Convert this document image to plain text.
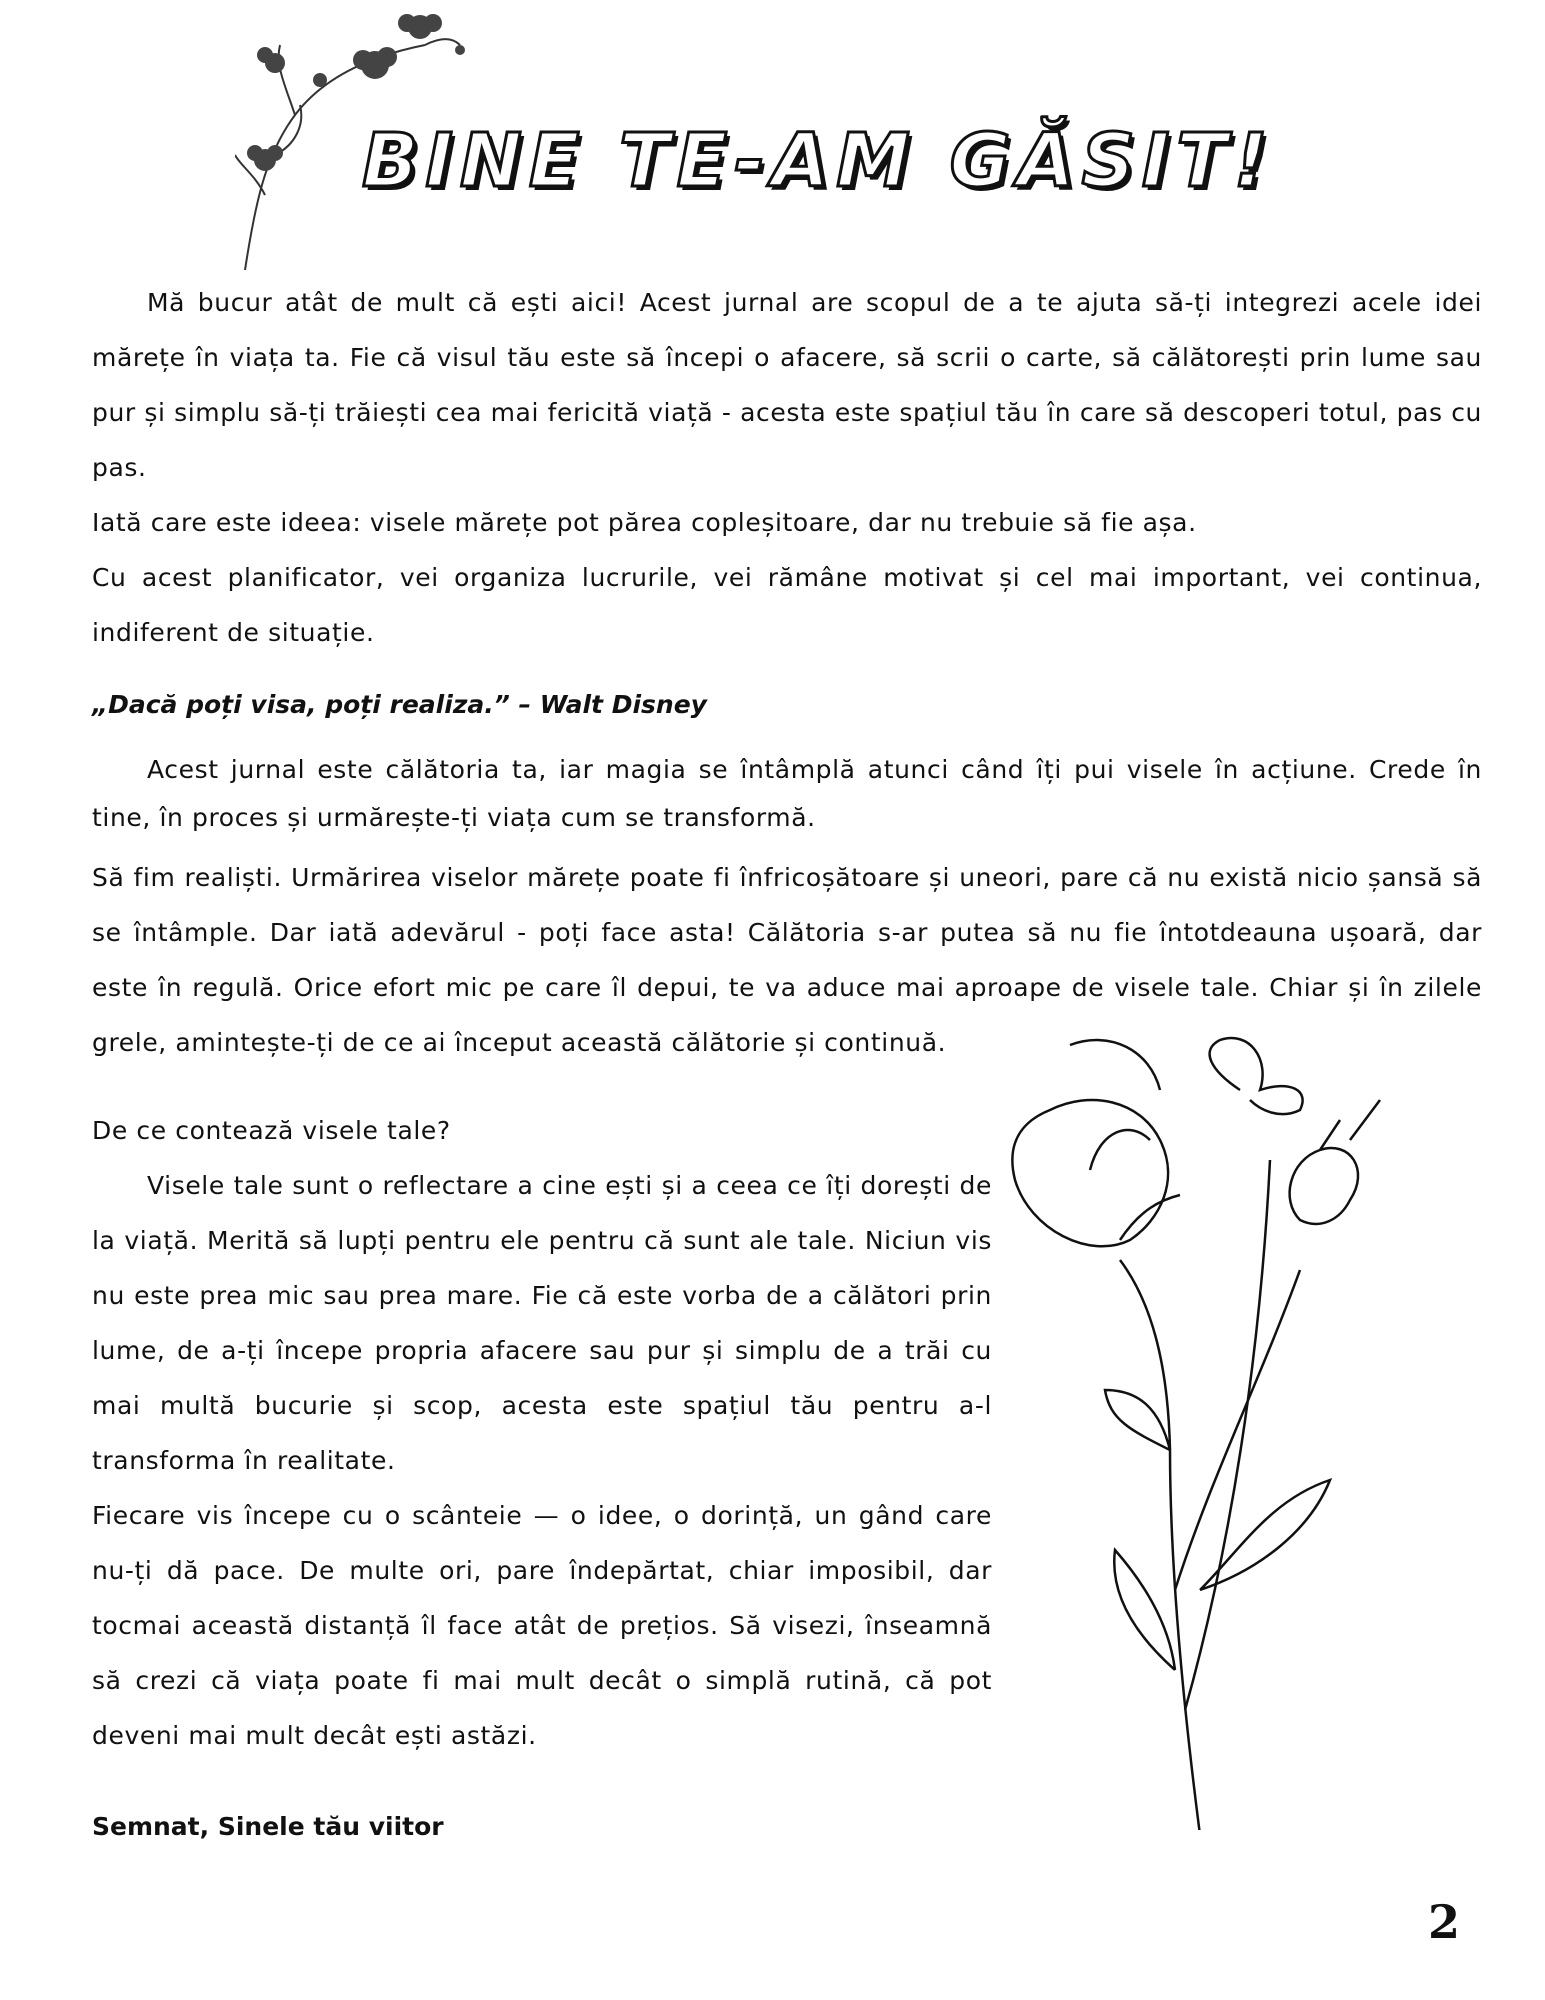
BINE TE-AM GĂSIT!

Mă bucur atât de mult că ești aici! Acest jurnal are scopul de a te ajuta să-ți integrezi acele idei mărețe în viața ta. Fie că visul tău este să începi o afacere, să scrii o carte, să călătorești prin lume sau pur și simplu să-ți trăiești cea mai fericită viață - acesta este spațiul tău în care să descoperi totul, pas cu pas.

Iată care este ideea: visele mărețe pot părea copleșitoare, dar nu trebuie să fie așa.

Cu acest planificator, vei organiza lucrurile, vei rămâne motivat și cel mai important, vei continua, indiferent de situație.

„Dacă poți visa, poți realiza.” – Walt Disney

Acest jurnal este călătoria ta, iar magia se întâmplă atunci când îți pui visele în acțiune. Crede în tine, în proces și urmărește-ți viața cum se transformă.

Să fim realiști. Urmărirea viselor mărețe poate fi înfricoșătoare și uneori, pare că nu există nicio șansă să se întâmple. Dar iată adevărul - poți face asta! Călătoria s-ar putea să nu fie întotdeauna ușoară, dar este în regulă. Orice efort mic pe care îl depui, te va aduce mai aproape de visele tale. Chiar și în zilele grele, amintește-ți de ce ai început această călătorie și continuă.

De ce contează visele tale?

Visele tale sunt o reflectare a cine ești și a ceea ce îți dorești de la viață. Merită să lupți pentru ele pentru că sunt ale tale. Niciun vis nu este prea mic sau prea mare. Fie că este vorba de a călători prin lume, de a-ți începe propria afacere sau pur și simplu de a trăi cu mai multă bucurie și scop, acesta este spațiul tău pentru a-l transforma în realitate.

Fiecare vis începe cu o scânteie — o idee, o dorință, un gând care nu-ți dă pace. De multe ori, pare îndepărtat, chiar imposibil, dar tocmai această distanță îl face atât de prețios. Să visezi, înseamnă să crezi că viața poate fi mai mult decât o simplă rutină, că pot deveni mai mult decât ești astăzi.

Semnat, Sinele tău viitor
2
